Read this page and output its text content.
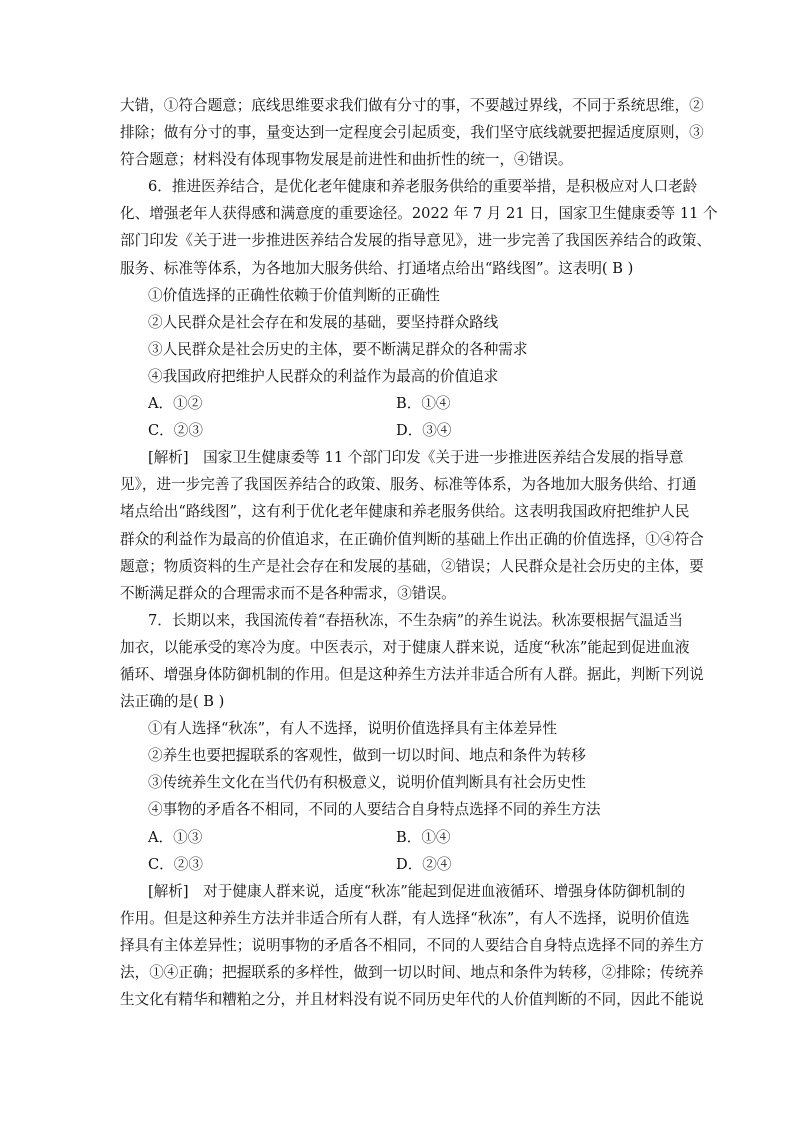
大错，①符合题意；底线思维要求我们做有分寸的事，不要越过界线，不同于系统思维，②
排除；做有分寸的事，量变达到一定程度会引起质变，我们坚守底线就要把握适度原则，③
符合题意；材料没有体现事物发展是前进性和曲折性的统一，④错误。
6．推进医养结合，是优化老年健康和养老服务供给的重要举措，是积极应对人口老龄
化、增强老年人获得感和满意度的重要途径。2022 年 7 月 21 日，国家卫生健康委等 11 个
部门印发《关于进一步推进医养结合发展的指导意见》，进一步完善了我国医养结合的政策、
服务、标准等体系，为各地加大服务供给、打通堵点给出“路线图”。这表明( B )
①价值选择的正确性依赖于价值判断的正确性
②人民群众是社会存在和发展的基础，要坚持群众路线
③人民群众是社会历史的主体，要不断满足群众的各种需求
④我国政府把维护人民群众的利益作为最高的价值追求
A．①②	B．①④
C．②③	D．③④
[解析]　国家卫生健康委等 11 个部门印发《关于进一步推进医养结合发展的指导意
见》，进一步完善了我国医养结合的政策、服务、标准等体系，为各地加大服务供给、打通
堵点给出“路线图”，这有利于优化老年健康和养老服务供给。这表明我国政府把维护人民
群众的利益作为最高的价值追求，在正确价值判断的基础上作出正确的价值选择，①④符合
题意；物质资料的生产是社会存在和发展的基础，②错误；人民群众是社会历史的主体，要
不断满足群众的合理需求而不是各种需求，③错误。
7．长期以来，我国流传着“春捂秋冻，不生杂病”的养生说法。秋冻要根据气温适当
加衣，以能承受的寒冷为度。中医表示，对于健康人群来说，适度“秋冻”能起到促进血液
循环、增强身体防御机制的作用。但是这种养生方法并非适合所有人群。据此，判断下列说
法正确的是( B )
①有人选择“秋冻”，有人不选择，说明价值选择具有主体差异性
②养生也要把握联系的客观性，做到一切以时间、地点和条件为转移
③传统养生文化在当代仍有积极意义，说明价值判断具有社会历史性
④事物的矛盾各不相同，不同的人要结合自身特点选择不同的养生方法
A．①③	B．①④
C．②③	D．②④
[解析]　对于健康人群来说，适度“秋冻”能起到促进血液循环、增强身体防御机制的
作用。但是这种养生方法并非适合所有人群，有人选择“秋冻”，有人不选择，说明价值选
择具有主体差异性；说明事物的矛盾各不相同，不同的人要结合自身特点选择不同的养生方
法，①④正确；把握联系的多样性，做到一切以时间、地点和条件为转移，②排除；传统养
生文化有精华和糟粕之分，并且材料没有说不同历史年代的人价值判断的不同，因此不能说
